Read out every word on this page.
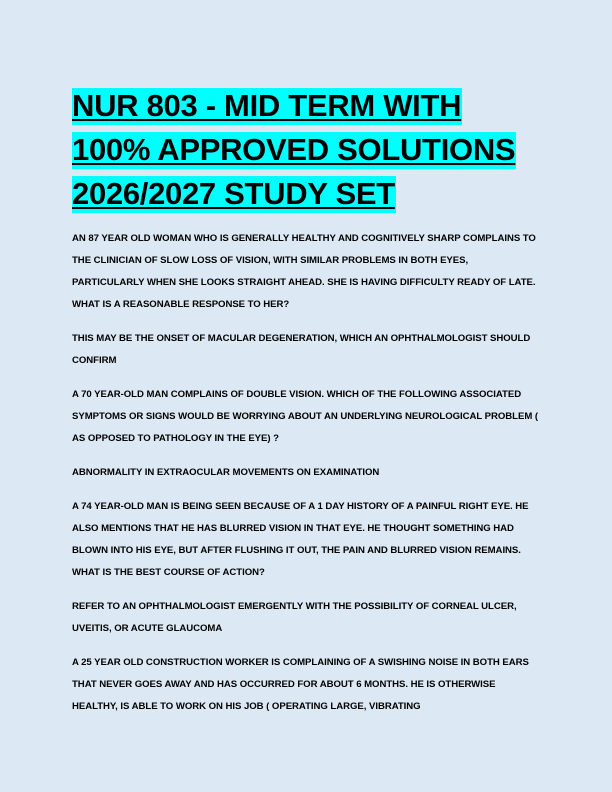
NUR 803 - MID TERM WITH
100% APPROVED SOLUTIONS
2026/2027 STUDY SET

AN 87 YEAR OLD WOMAN WHO IS GENERALLY HEALTHY AND COGNITIVELY SHARP COMPLAINS TO THE CLINICIAN OF SLOW LOSS OF VISION, WITH SIMILAR PROBLEMS IN BOTH EYES, PARTICULARLY WHEN SHE LOOKS STRAIGHT AHEAD. SHE IS HAVING DIFFICULTY READY OF LATE. WHAT IS A REASONABLE RESPONSE TO HER?

THIS MAY BE THE ONSET OF MACULAR DEGENERATION, WHICH AN OPHTHALMOLOGIST SHOULD CONFIRM

A 70 YEAR-OLD MAN COMPLAINS OF DOUBLE VISION. WHICH OF THE FOLLOWING ASSOCIATED SYMPTOMS OR SIGNS WOULD BE WORRYING ABOUT AN UNDERLYING NEUROLOGICAL PROBLEM ( AS OPPOSED TO PATHOLOGY IN THE EYE) ?

ABNORMALITY IN EXTRAOCULAR MOVEMENTS ON EXAMINATION

A 74 YEAR-OLD MAN IS BEING SEEN BECAUSE OF A 1 DAY HISTORY OF A PAINFUL RIGHT EYE. HE ALSO MENTIONS THAT HE HAS BLURRED VISION IN THAT EYE. HE THOUGHT SOMETHING HAD BLOWN INTO HIS EYE, BUT AFTER FLUSHING IT OUT, THE PAIN AND BLURRED VISION REMAINS. WHAT IS THE BEST COURSE OF ACTION?

REFER TO AN OPHTHALMOLOGIST EMERGENTLY WITH THE POSSIBILITY OF CORNEAL ULCER, UVEITIS, OR ACUTE GLAUCOMA

A 25 YEAR OLD CONSTRUCTION WORKER IS COMPLAINING OF A SWISHING NOISE IN BOTH EARS THAT NEVER GOES AWAY AND HAS OCCURRED FOR ABOUT 6 MONTHS. HE IS OTHERWISE HEALTHY, IS ABLE TO WORK ON HIS JOB ( OPERATING LARGE, VIBRATING
